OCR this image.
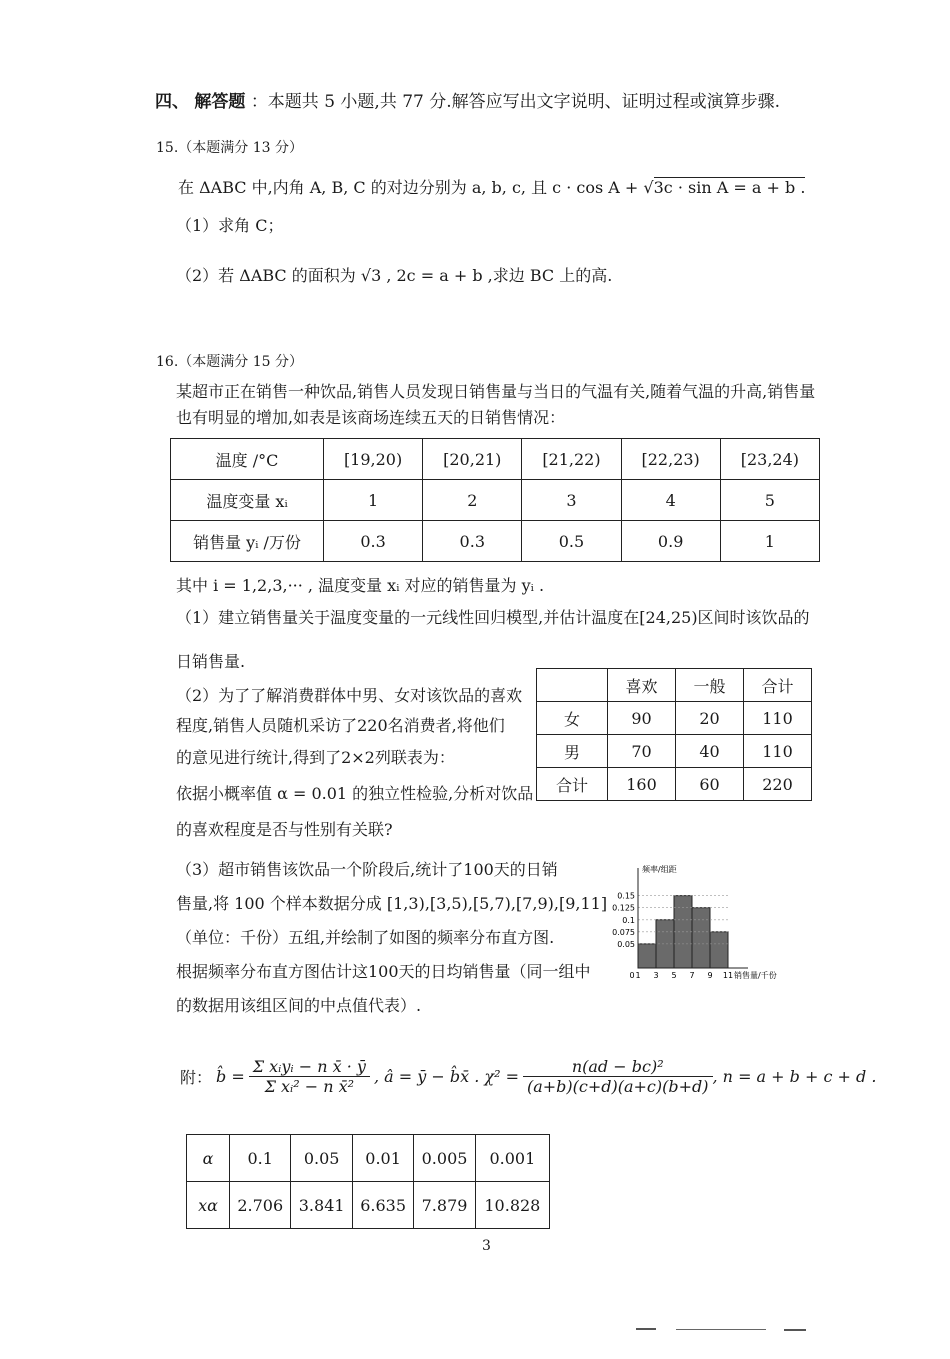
四、 解答题 ：本题共 5 小题,共 77 分.解答应写出文字说明、证明过程或演算步骤.
15.（本题满分 13 分）
在 ΔABC 中,内角 A, B, C 的对边分别为 a, b, c, 且 c · cos A + √3c · sin A = a + b .
（1）求角 C；
（2）若 ΔABC 的面积为 √3 , 2c = a + b ,求边 BC 上的高.
16.（本题满分 15 分）
某超市正在销售一种饮品,销售人员发现日销售量与当日的气温有关,随着气温的升高,销售量
也有明显的增加,如表是该商场连续五天的日销售情况：
温度 /°C	[19,20)	[20,21)	[21,22)	[22,23)	[23,24)
温度变量 xᵢ	1	2	3	4	5
销售量 yᵢ /万份	0.3	0.3	0.5	0.9	1
其中 i = 1,2,3,··· , 温度变量 xᵢ 对应的销售量为 yᵢ .
（1）建立销售量关于温度变量的一元线性回归模型,并估计温度在[24,25)区间时该饮品的
日销售量.
（2）为了了解消费群体中男、女对该饮品的喜欢
程度,销售人员随机采访了220名消费者,将他们
的意见进行统计,得到了2×2列联表为：
依据小概率值 α = 0.01 的独立性检验,分析对饮品
的喜欢程度是否与性别有关联?
	喜欢	一般	合计
女	90	20	110
男	70	40	110
合计	160	60	220
（3）超市销售该饮品一个阶段后,统计了100天的日销
售量,将 100 个样本数据分成 [1,3),[3,5),[5,7),[7,9),[9,11]
（单位：千份）五组,并绘制了如图的频率分布直方图.
根据频率分布直方图估计这100天的日均销售量（同一组中
的数据用该组区间的中点值代表）.
0.15
0.125
0.1
0.075
0.05
0 1 3 5 7 9 11
频率/组距
销售量/千份
附： b̂ = $\frac{\text{Σ xᵢyᵢ − n x̄ · ȳ}}{\text{Σ xᵢ² − n x̄²}}$ , â = ȳ − b̂x̄ . $\chi^2 = \frac{\text{n(ad − bc)²}}{(a+b)(c+d)(a+c)(b+d)}$ , n = a + b + c + d .
α	0.1	0.05	0.01	0.005	0.001
xα	2.706	3.841	6.635	7.879	10.828
3
